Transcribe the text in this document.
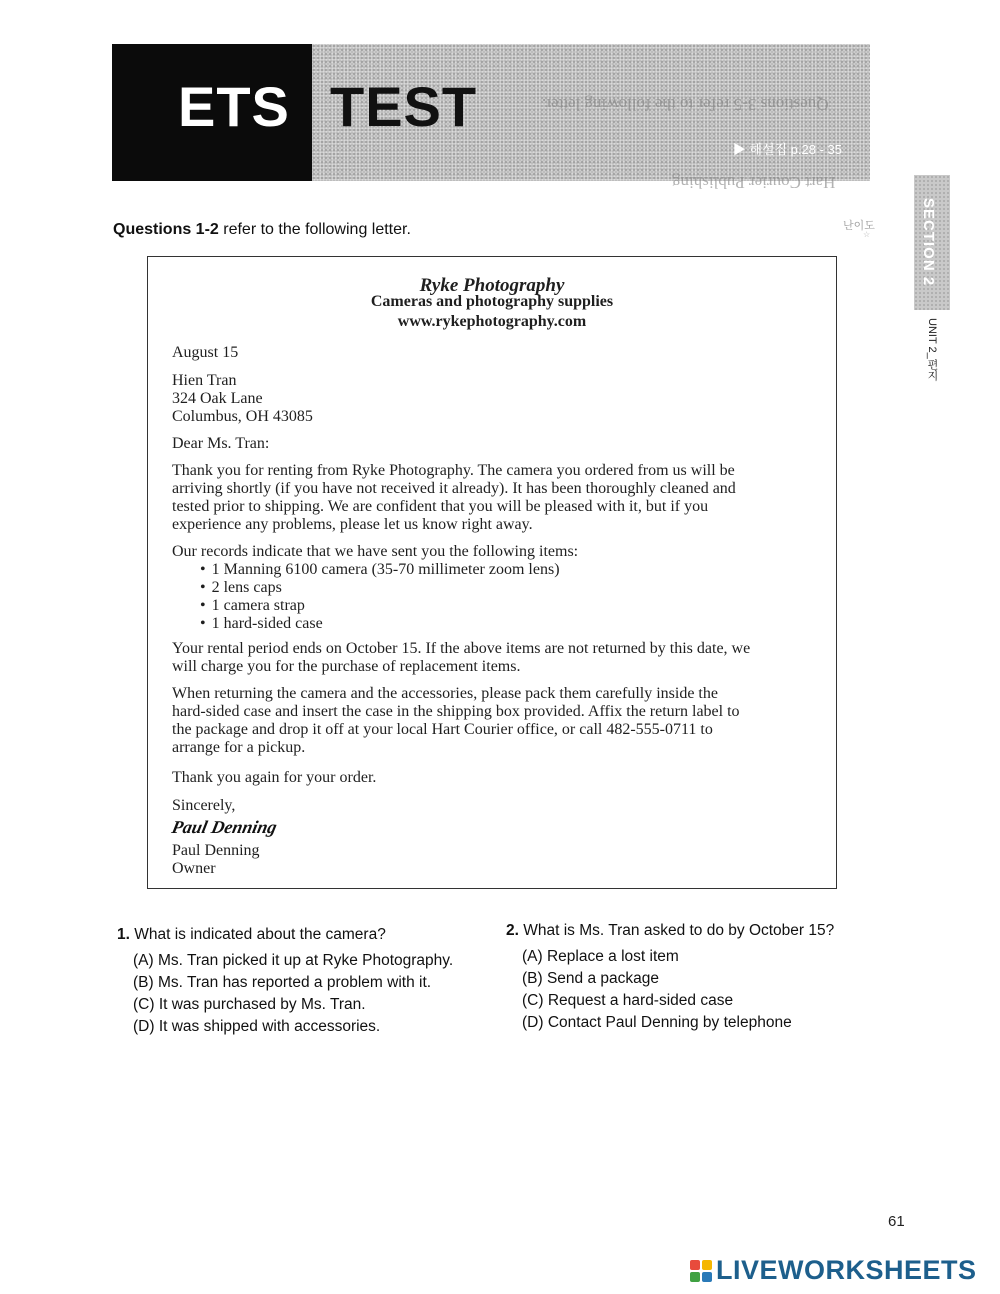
Questions 3-5 refer to the following letter.
Hart Courier Publishing
ETS TEST
▶ 해설집 p.28 - 35
SECTION 2
UNIT 2_편지
난이도
☆
Questions 1-2 refer to the following letter.
Ryke Photography
Cameras and photography supplies
www.rykephotography.com
August 15
Hien Tran
324 Oak Lane
Columbus, OH 43085
Dear Ms. Tran:
Thank you for renting from Ryke Photography. The camera you ordered from us will be
arriving shortly (if you have not received it already). It has been thoroughly cleaned and
tested prior to shipping. We are confident that you will be pleased with it, but if you
experience any problems, please let us know right away.
Our records indicate that we have sent you the following items:
• 1 Manning 6100 camera (35-70 millimeter zoom lens)
• 2 lens caps
• 1 camera strap
• 1 hard-sided case
Your rental period ends on October 15. If the above items are not returned by this date, we
will charge you for the purchase of replacement items.
When returning the camera and the accessories, please pack them carefully inside the
hard-sided case and insert the case in the shipping box provided. Affix the return label to
the package and drop it off at your local Hart Courier office, or call 482-555-0711 to
arrange for a pickup.
Thank you again for your order.
Sincerely,
Paul Denning
Paul Denning
Owner
1. What is indicated about the camera?
(A) Ms. Tran picked it up at Ryke Photography.
(B) Ms. Tran has reported a problem with it.
(C) It was purchased by Ms. Tran.
(D) It was shipped with accessories.
2. What is Ms. Tran asked to do by October 15?
(A) Replace a lost item
(B) Send a package
(C) Request a hard-sided case
(D) Contact Paul Denning by telephone
61
LIVEWORKSHEETS
